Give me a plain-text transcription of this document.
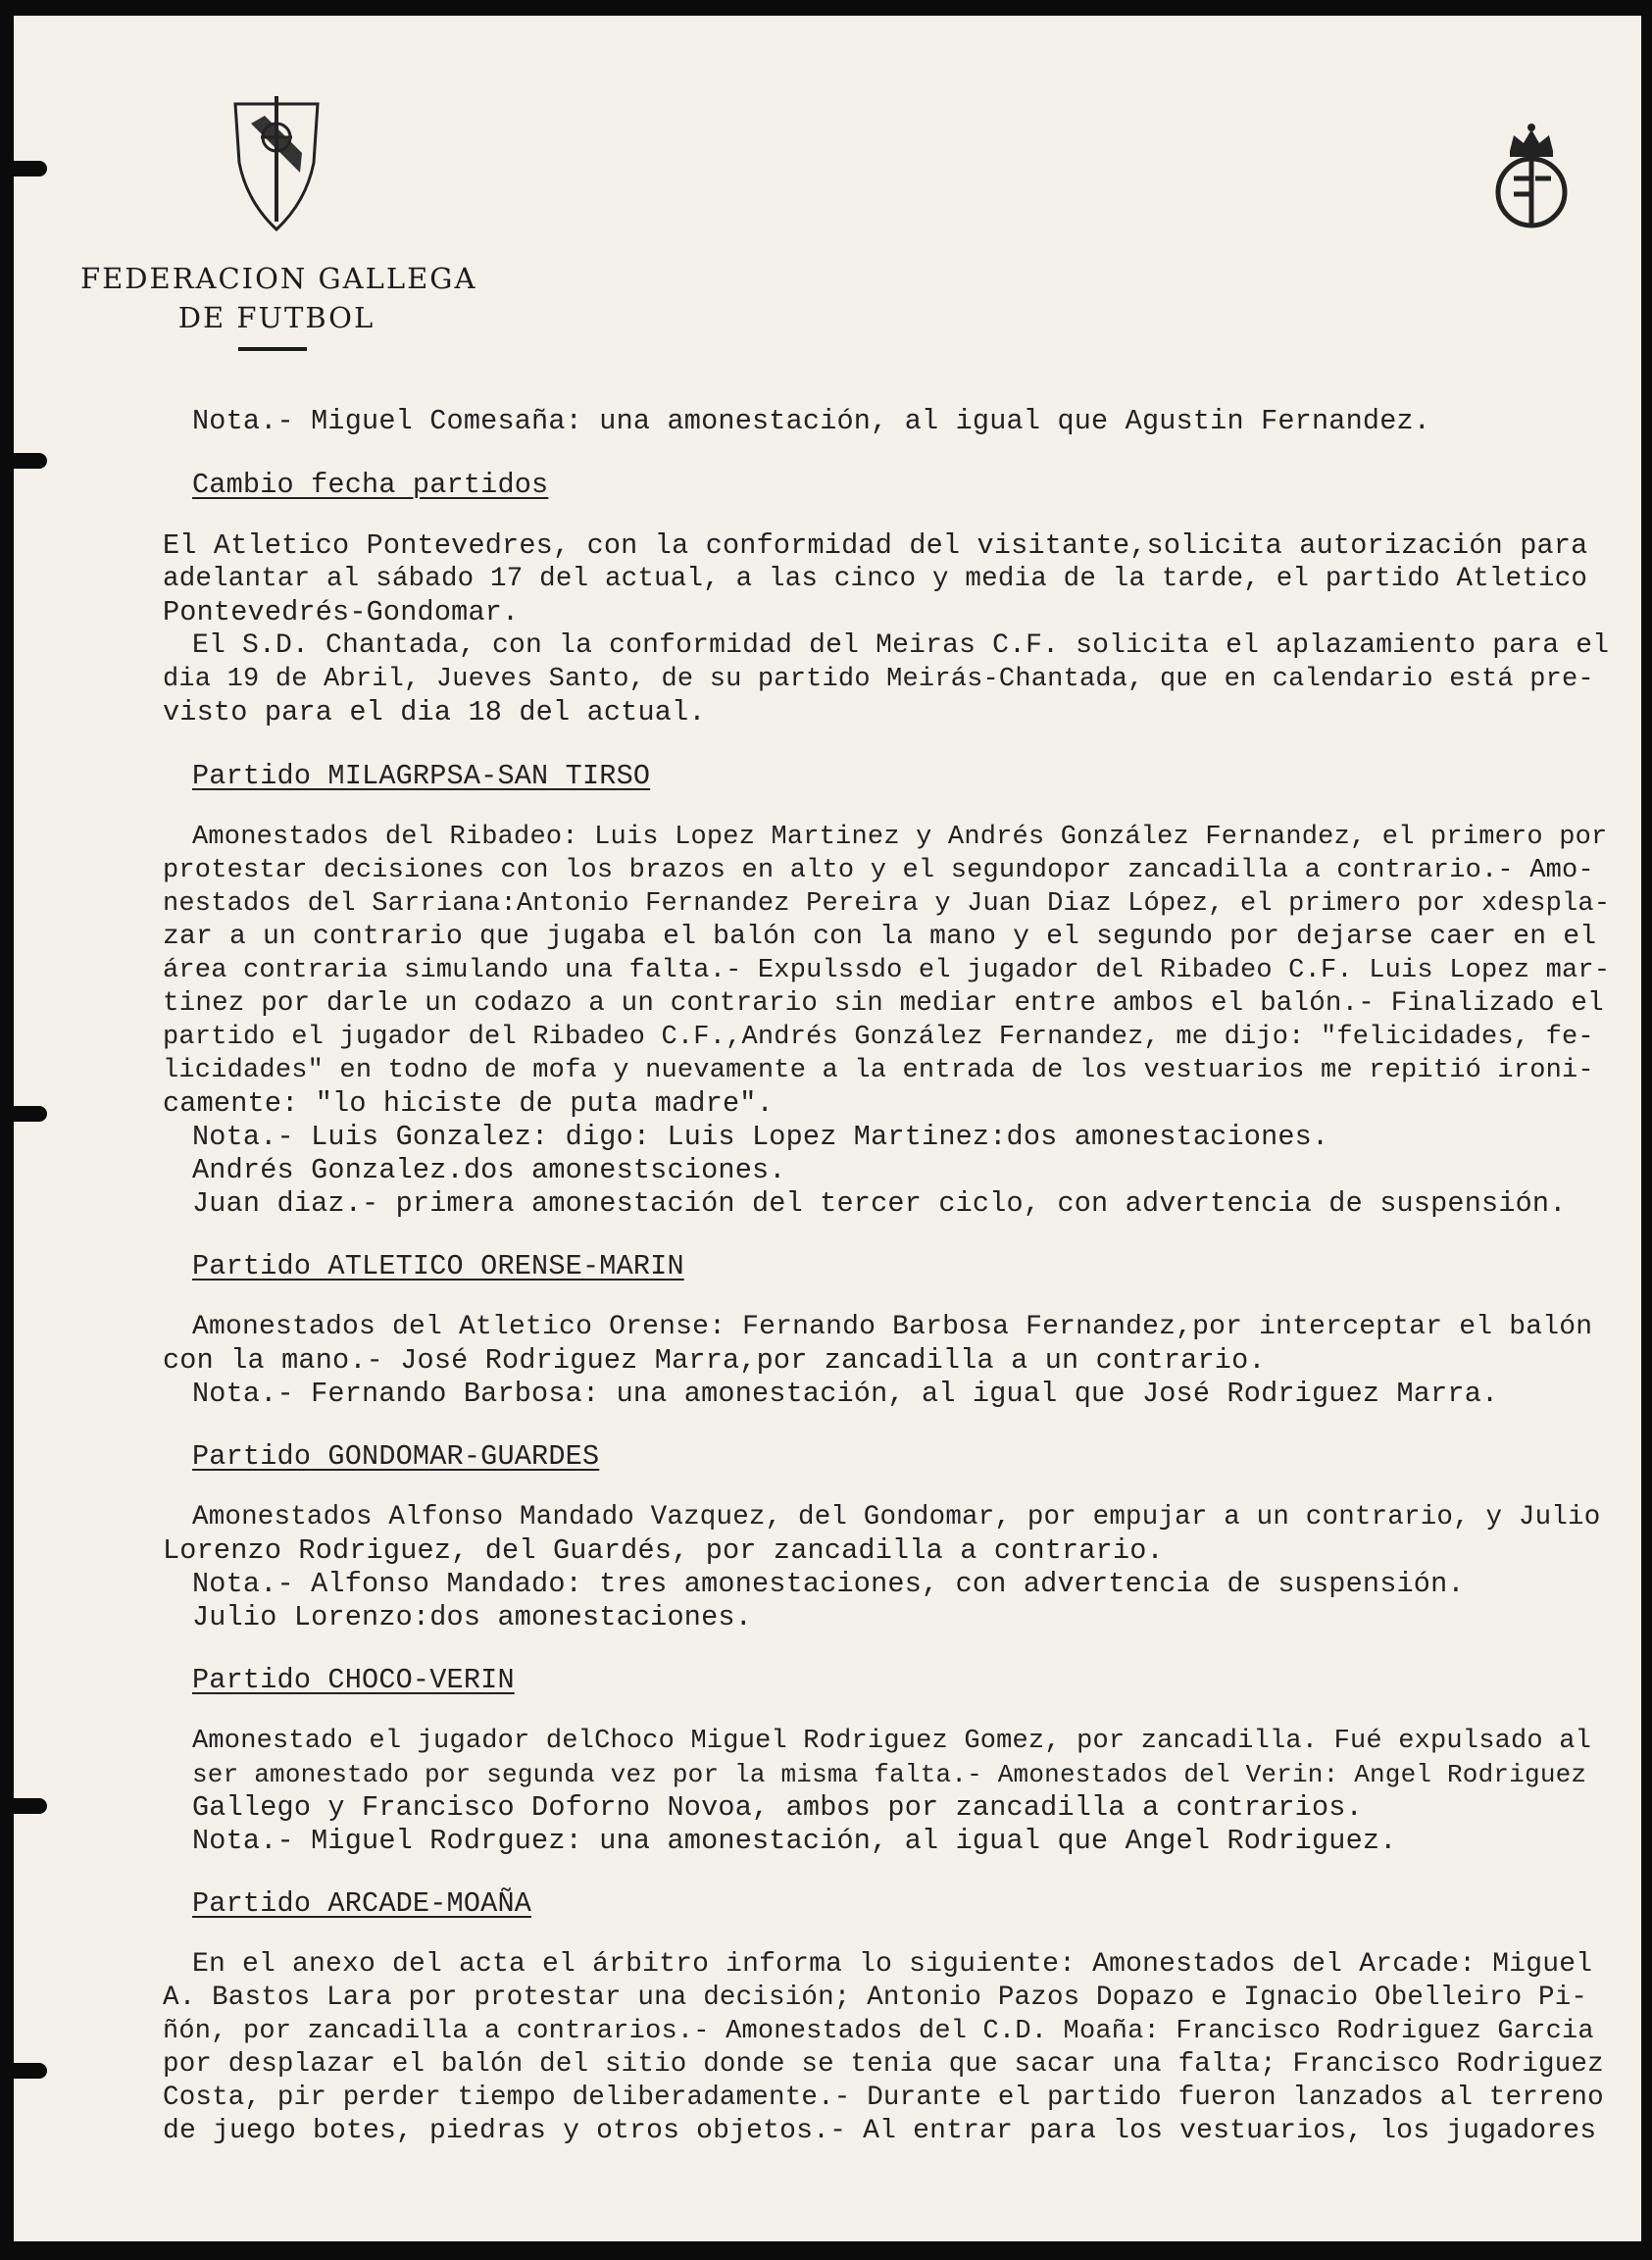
FEDERACION GALLEGA
DE FUTBOL
Nota.- Miguel Comesaña: una amonestación, al igual que Agustin Fernandez.
Cambio fecha partidos
El Atletico Pontevedres, con la conformidad del visitante,solicita autorización para
adelantar al sábado 17 del actual, a las cinco y media de la tarde, el partido Atletico
Pontevedrés-Gondomar.
El S.D. Chantada, con la conformidad del Meiras C.F. solicita el aplazamiento para el
dia 19 de Abril, Jueves Santo, de su partido Meirás-Chantada, que en calendario está pre-
visto para el dia 18 del actual.
Partido MILAGRPSA-SAN TIRSO
Amonestados del Ribadeo: Luis Lopez Martinez y Andrés González Fernandez, el primero por
protestar decisiones con los brazos en alto y el segundopor zancadilla a contrario.- Amo-
nestados del Sarriana:Antonio Fernandez Pereira y Juan Diaz López, el primero por xdespla-
zar a un contrario que jugaba el balón con la mano y el segundo por dejarse caer en el
área contraria simulando una falta.- Expulssdo el jugador del Ribadeo C.F. Luis Lopez mar-
tinez por darle un codazo a un contrario sin mediar entre ambos el balón.- Finalizado el
partido el jugador del Ribadeo C.F.,Andrés González Fernandez, me dijo: "felicidades, fe-
licidades" en todno de mofa y nuevamente a la entrada de los vestuarios me repitió ironi-
camente: "lo hiciste de puta madre".
Nota.- Luis Gonzalez: digo: Luis Lopez Martinez:dos amonestaciones.
Andrés Gonzalez.dos amonestsciones.
Juan diaz.- primera amonestación del tercer ciclo, con advertencia de suspensión.
Partido ATLETICO ORENSE-MARIN
Amonestados del Atletico Orense: Fernando Barbosa Fernandez,por interceptar el balón
con la mano.- José Rodriguez Marra,por zancadilla a un contrario.
Nota.- Fernando Barbosa: una amonestación, al igual que José Rodriguez Marra.
Partido GONDOMAR-GUARDES
Amonestados Alfonso Mandado Vazquez, del Gondomar, por empujar a un contrario, y Julio
Lorenzo Rodriguez, del Guardés, por zancadilla a contrario.
Nota.- Alfonso Mandado: tres amonestaciones, con advertencia de suspensión.
Julio Lorenzo:dos amonestaciones.
Partido CHOCO-VERIN
Amonestado el jugador delChoco Miguel Rodriguez Gomez, por zancadilla. Fué expulsado al
ser amonestado por segunda vez por la misma falta.- Amonestados del Verin: Angel Rodriguez
Gallego y Francisco Doforno Novoa, ambos por zancadilla a contrarios.
Nota.- Miguel Rodrguez: una amonestación, al igual que Angel Rodriguez.
Partido ARCADE-MOAÑA
En el anexo del acta el árbitro informa lo siguiente: Amonestados del Arcade: Miguel
A. Bastos Lara por protestar una decisión; Antonio Pazos Dopazo e Ignacio Obelleiro Pi-
ñón, por zancadilla a contrarios.- Amonestados del C.D. Moaña: Francisco Rodriguez Garcia
por desplazar el balón del sitio donde se tenia que sacar una falta; Francisco Rodriguez
Costa, pir perder tiempo deliberadamente.- Durante el partido fueron lanzados al terreno
de juego botes, piedras y otros objetos.- Al entrar para los vestuarios, los jugadores
